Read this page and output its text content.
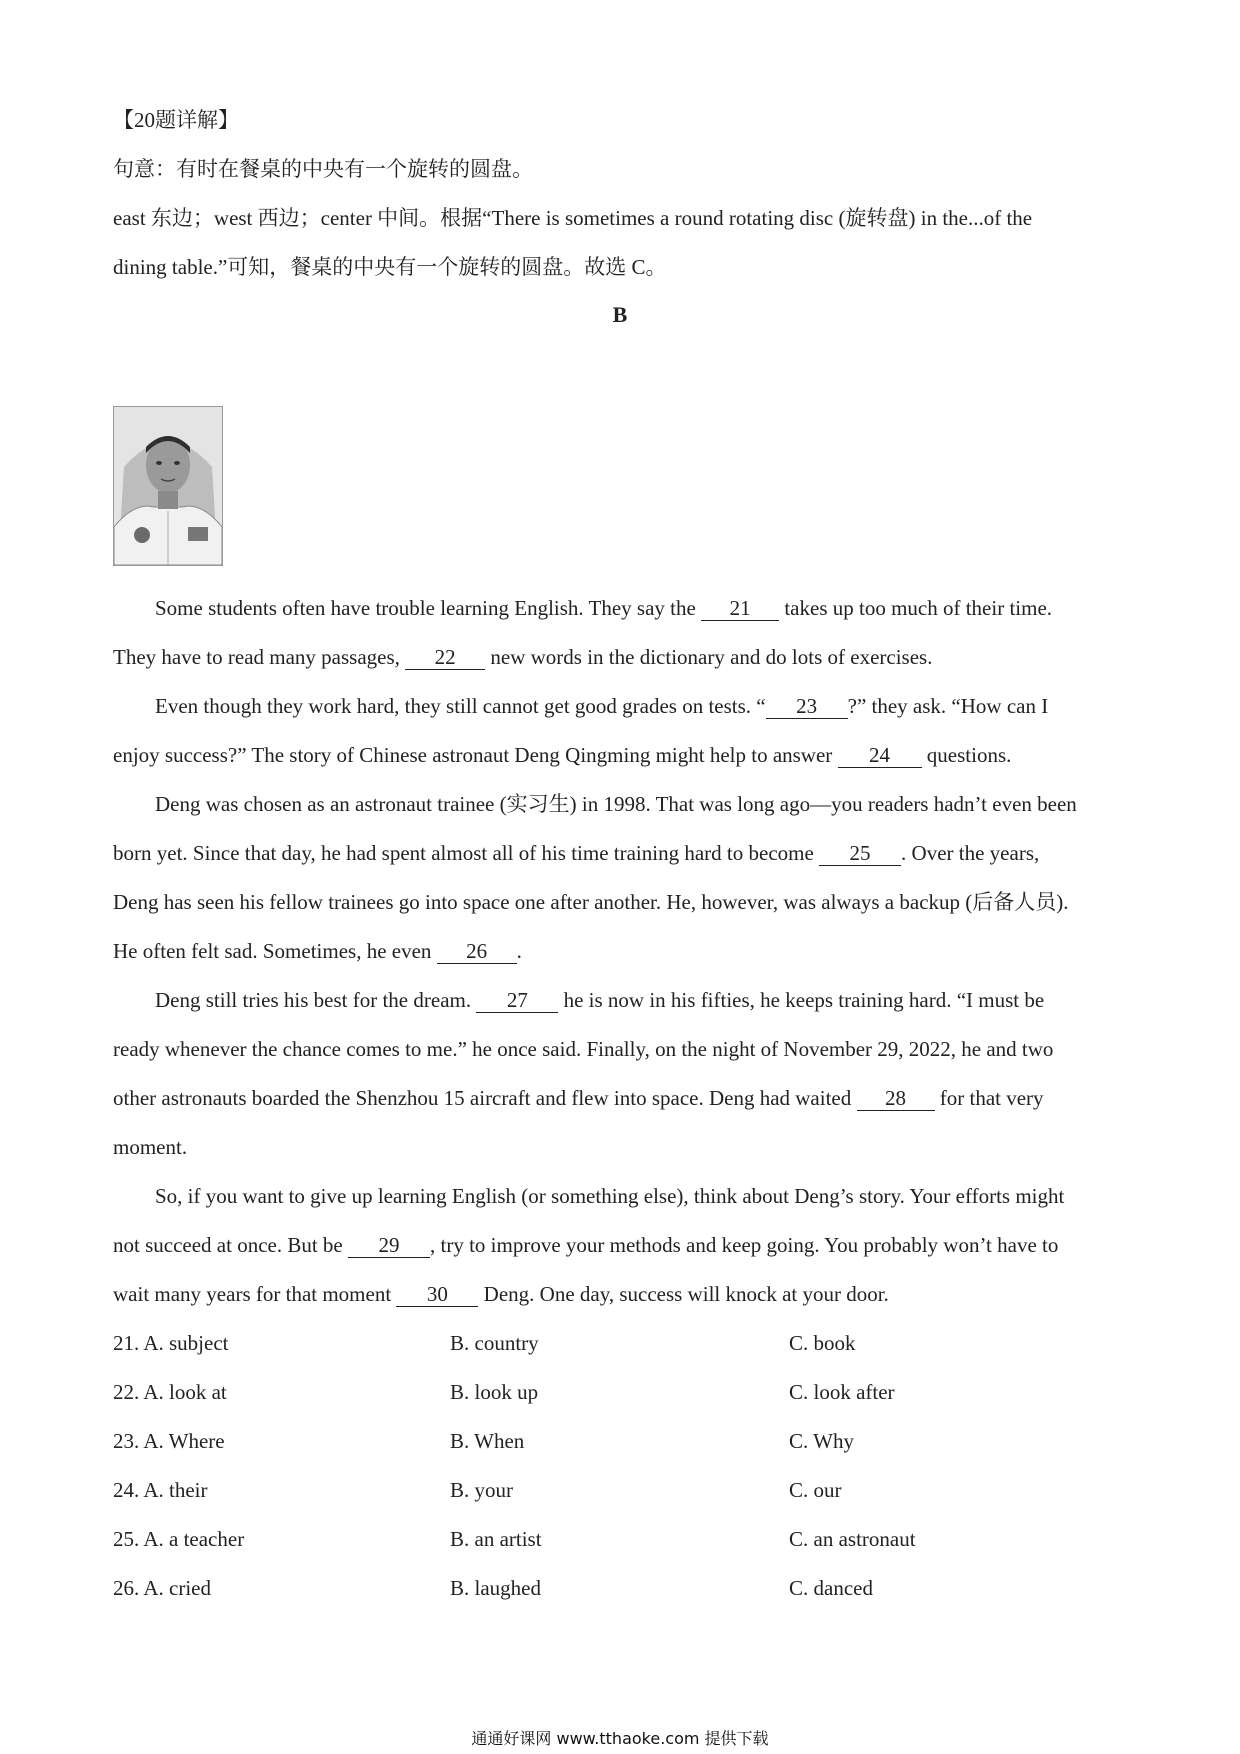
【20题详解】
句意：有时在餐桌的中央有一个旋转的圆盘。
east 东边；west 西边；center 中间。根据“There is sometimes a round rotating disc (旋转盘) in the...of the
dining table.”可知，餐桌的中央有一个旋转的圆盘。故选 C。
B
Some students often have trouble learning English. They say the 21 takes up too much of their time.
They have to read many passages, 22 new words in the dictionary and do lots of exercises.
Even though they work hard, they still cannot get good grades on tests. “ 23 ?” they ask. “How can I
enjoy success?” The story of Chinese astronaut Deng Qingming might help to answer 24 questions.
Deng was chosen as an astronaut trainee (实习生) in 1998. That was long ago—you readers hadn’t even been
born yet. Since that day, he had spent almost all of his time training hard to become 25 . Over the years,
Deng has seen his fellow trainees go into space one after another. He, however, was always a backup (后备人员).
He often felt sad. Sometimes, he even 26 .
Deng still tries his best for the dream. 27 he is now in his fifties, he keeps training hard. “I must be
ready whenever the chance comes to me.” he once said. Finally, on the night of November 29, 2022, he and two
other astronauts boarded the Shenzhou 15 aircraft and flew into space. Deng had waited 28 for that very
moment.
So, if you want to give up learning English (or something else), think about Deng’s story. Your efforts might
not succeed at once. But be 29 , try to improve your methods and keep going. You probably won’t have to
wait many years for that moment 30 Deng. One day, success will knock at your door.
21. A. subject	B. country	C. book
22. A. look at	B. look up	C. look after
23. A. Where	B. When	C. Why
24. A. their	B. your	C. our
25. A. a teacher	B. an artist	C. an astronaut
26. A. cried	B. laughed	C. danced
通通好课网 www.tthaoke.com 提供下载
